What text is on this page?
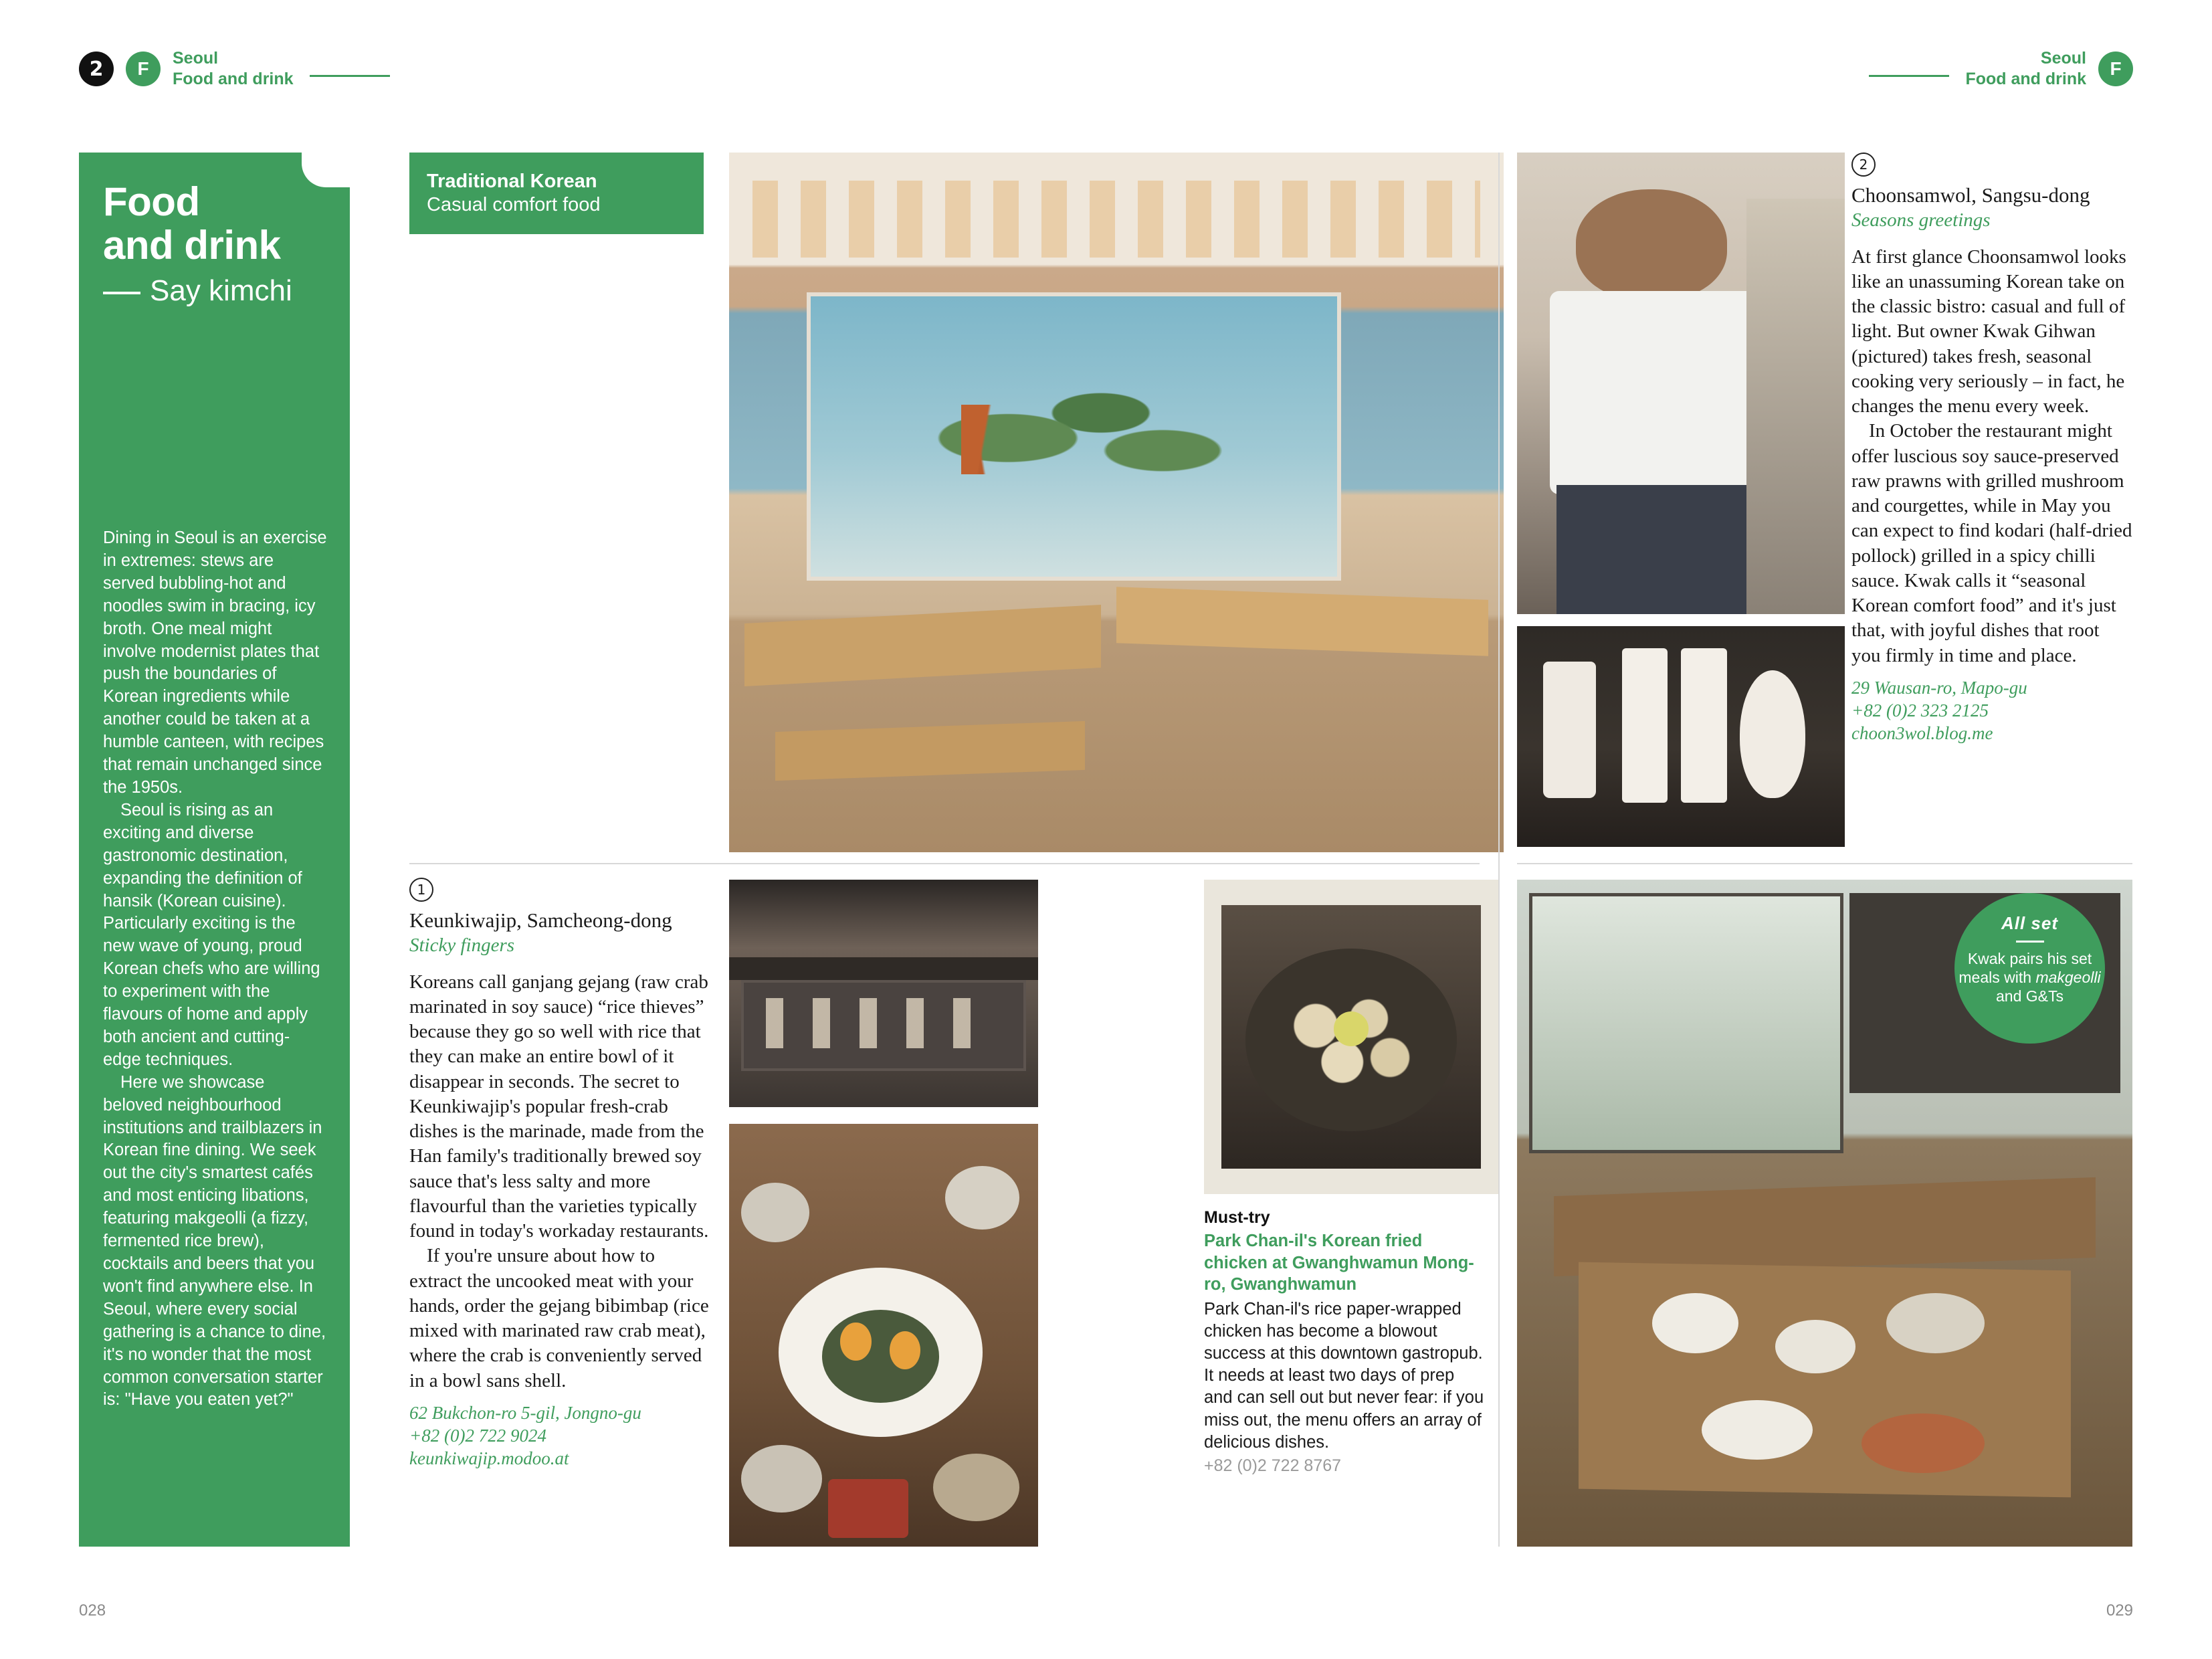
2	F	Seoul
Food and drink
Seoul
Food and drink	F
028	029
Food
and drink
Say kimchi

Dining in Seoul is an exercise in extremes: stews are served bubbling-hot and noodles swim in bracing, icy broth. One meal might involve modernist plates that push the boundaries of Korean ingredients while another could be taken at a humble canteen, with recipes that remain unchanged since the 1950s.

Seoul is rising as an exciting and diverse gastronomic destination, expanding the definition of hansik (Korean cuisine). Particularly exciting is the new wave of young, proud Korean chefs who are willing to experiment with the flavours of home and apply both ancient and cutting-edge techniques.

Here we showcase beloved neighbourhood institutions and trailblazers in Korean fine dining. We seek out the city's smartest cafés and most enticing libations, featuring makgeolli (a fizzy, fermented rice brew), cocktails and beers that you won't find anywhere else. In Seoul, where every social gathering is a chance to dine, it's no wonder that the most common conversation starter is: "Have you eaten yet?"

Traditional Korean
Casual comfort food
All set
Kwak pairs his set meals with makgeolli and G&Ts
1
Keunkiwajip, Samcheong-dong
Sticky fingers

Koreans call ganjang gejang (raw crab marinated in soy sauce) “rice thieves” because they go so well with rice that they can make an entire bowl of it disappear in seconds. The secret to Keunkiwajip's popular fresh-crab dishes is the marinade, made from the Han family's traditionally brewed soy sauce that's less salty and more flavourful than the varieties typically found in today's workaday restaurants.

If you're unsure about how to extract the uncooked meat with your hands, order the gejang bibimbap (rice mixed with marinated raw crab meat), where the crab is conveniently served in a bowl sans shell.

62 Bukchon-ro 5-gil, Jongno-gu
+82 (0)2 722 9024
keunkiwajip.modoo.at
2
Choonsamwol, Sangsu-dong
Seasons greetings

At first glance Choonsamwol looks like an unassuming Korean take on the classic bistro: casual and full of light. But owner Kwak Gihwan (pictured) takes fresh, seasonal cooking very seriously – in fact, he changes the menu every week.

In October the restaurant might offer luscious soy sauce-preserved raw prawns with grilled mushroom and courgettes, while in May you can expect to find kodari (half-dried pollock) grilled in a spicy chilli sauce. Kwak calls it “seasonal Korean comfort food” and it's just that, with joyful dishes that root you firmly in time and place.

29 Wausan-ro, Mapo-gu
+82 (0)2 323 2125
choon3wol.blog.me
Must-try
Park Chan-il's Korean fried chicken at Gwanghwamun Mong-ro, Gwanghwamun
Park Chan-il's rice paper-wrapped chicken has become a blowout success at this downtown gastropub. It needs at least two days of prep and can sell out but never fear: if you miss out, the menu offers an array of delicious dishes.
+82 (0)2 722 8767
